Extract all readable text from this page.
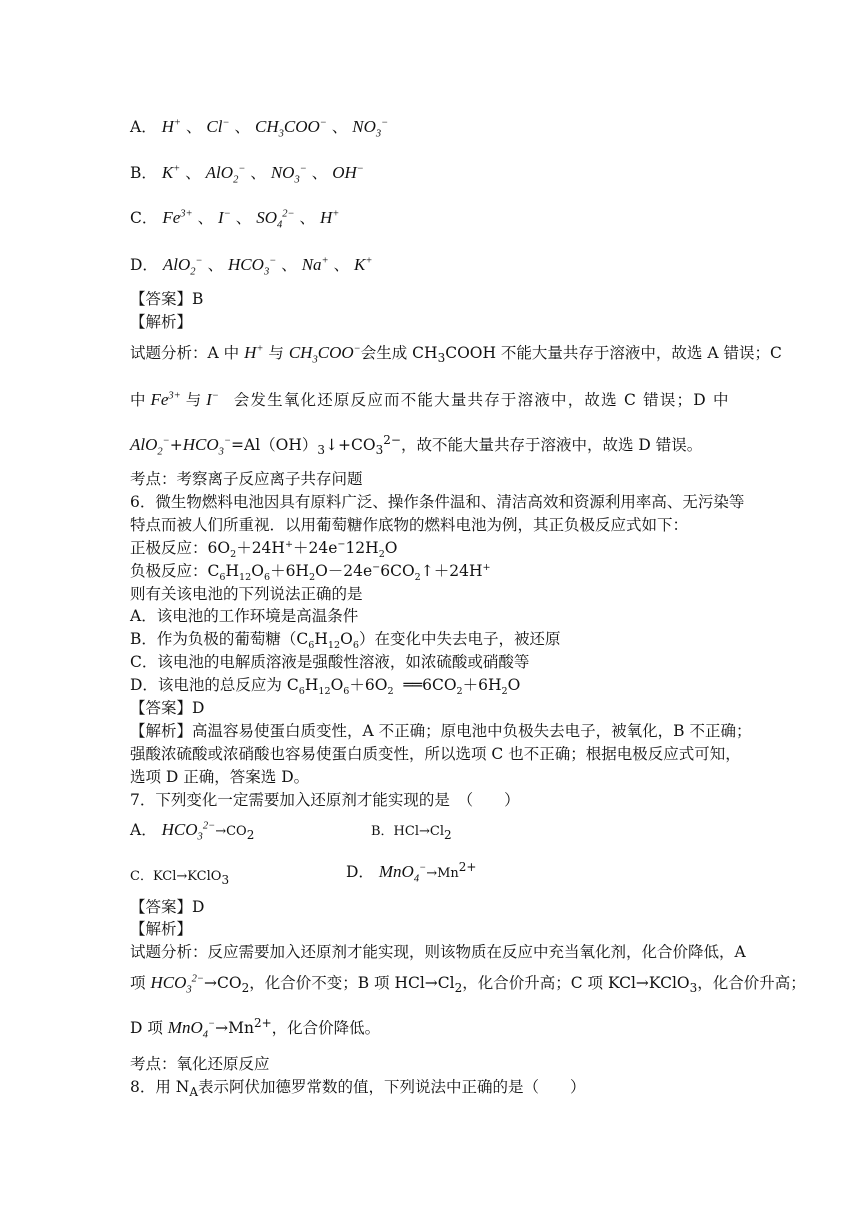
A． H+ 、 Cl− 、 $CH_3COO^-$ 、 $NO_3^-$
B． K+ 、 AlO$_2$− 、 $NO_3^-$ 、 OH−
C． $Fe^{3+}$ 、 I− 、 $SO_4^{2-}$ 、 H+
D． AlO$_2$− 、 $HCO_3^-$ 、 Na+ 、 K+
【答案】B
【解析】
试题分析：A 中 H+ 与 $CH_3COO^-$会生成 $CH_3COOH$ 不能大量共存于溶液中，故选 A 错误；C
中 $Fe^{3+}$ 与 I− 会发生氧化还原反应而不能大量共存于溶液中，故选 C 错误；D 中
$AlO_2^-+HCO_3^-=Al(OH)_3↓+CO_3^{2-}$，故不能大量共存于溶液中，故选 D 错误。
考点：考察离子反应离子共存问题
6．微生物燃料电池因具有原料广泛、操作条件温和、清洁高效和资源利用率高、无污染等
特点而被人们所重视．以用葡萄糖作底物的燃料电池为例，其正负极反应式如下：
正极反应：$6O_2+24H^++24e^-12H_2O$
负极反应：$C_6H_{12}O_6+6H_2O-24e^-6CO_2↑+24H^+$
则有关该电池的下列说法正确的是
A．该电池的工作环境是高温条件
B．作为负极的葡萄糖$(C_6H_{12}O_6)$在变化中失去电子，被还原
C．该电池的电解质溶液是强酸性溶液，如浓硫酸或硝酸等
D．该电池的总反应为 $C_6H_{12}O_6+6O_2$ $══6CO_2+6H_2O$
【答案】D
【解析】高温容易使蛋白质变性，A 不正确；原电池中负极失去电子，被氧化，B 不正确；
强酸浓硫酸或浓硝酸也容易使蛋白质变性，所以选项 C 也不正确；根据电极反应式可知，
选项 D 正确，答案选 D。
7．下列变化一定需要加入还原剂才能实现的是　（　　）
A． $HCO_3^{2-}\to CO_2$	B．$HCl\to Cl_2$
C．KCl→KClO$_3$	D． $MnO_4^-\to Mn^{2+}$
【答案】D
【解析】
试题分析：反应需要加入还原剂才能实现，则该物质在反应中充当氧化剂，化合价降低，A
项 $HCO_3^{2-}\to CO_2$，化合价不变；B 项 $HCl\to Cl_2$，化合价升高；C 项 KCl→KClO$_3$，化合价升高；
D 项 $MnO_4^-\to Mn^{2+}$，化合价降低。
考点：氧化还原反应
8．用 $N_A$表示阿伏加德罗常数的值，下列说法中正确的是（　　）
